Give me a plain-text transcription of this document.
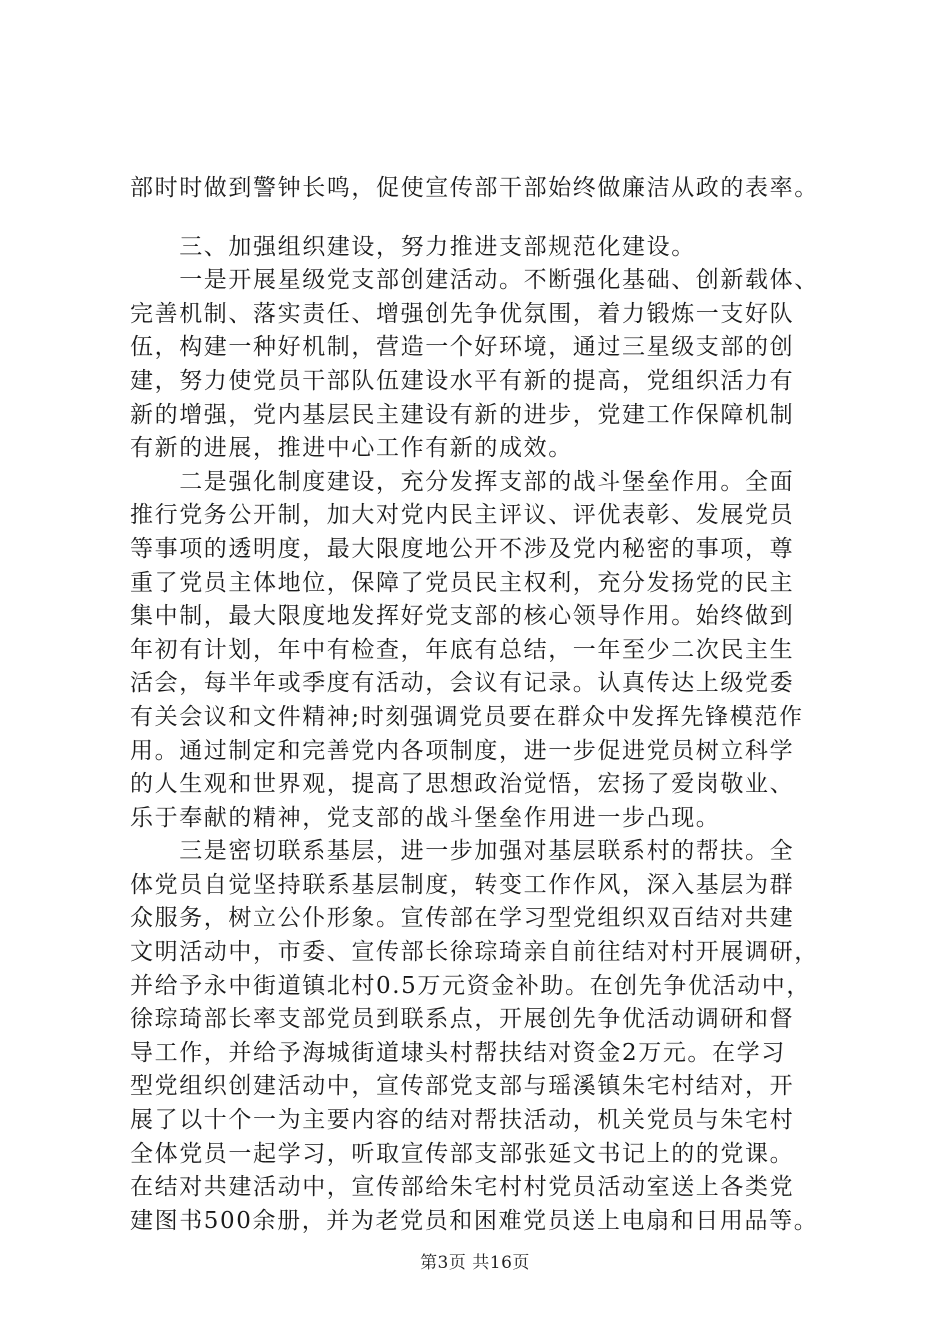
部时时做到警钟长鸣，促使宣传部干部始终做廉洁从政的表率。
　　三、加强组织建设，努力推进支部规范化建设。
　　一是开展星级党支部创建活动。不断强化基础、创新载体、
完善机制、落实责任、增强创先争优氛围，着力锻炼一支好队
伍，构建一种好机制，营造一个好环境，通过三星级支部的创
建，努力使党员干部队伍建设水平有新的提高，党组织活力有
新的增强，党内基层民主建设有新的进步，党建工作保障机制
有新的进展，推进中心工作有新的成效。
　　二是强化制度建设，充分发挥支部的战斗堡垒作用。全面
推行党务公开制，加大对党内民主评议、评优表彰、发展党员
等事项的透明度，最大限度地公开不涉及党内秘密的事项，尊
重了党员主体地位，保障了党员民主权利，充分发扬党的民主
集中制，最大限度地发挥好党支部的核心领导作用。始终做到
年初有计划，年中有检查，年底有总结，一年至少二次民主生
活会，每半年或季度有活动，会议有记录。认真传达上级党委
有关会议和文件精神;时刻强调党员要在群众中发挥先锋模范作
用。通过制定和完善党内各项制度，进一步促进党员树立科学
的人生观和世界观，提高了思想政治觉悟，宏扬了爱岗敬业、
乐于奉献的精神，党支部的战斗堡垒作用进一步凸现。
　　三是密切联系基层，进一步加强对基层联系村的帮扶。全
体党员自觉坚持联系基层制度，转变工作作风，深入基层为群
众服务，树立公仆形象。宣传部在学习型党组织双百结对共建
文明活动中，市委、宣传部长徐琮琦亲自前往结对村开展调研，
并给予永中街道镇北村0.5万元资金补助。在创先争优活动中，
徐琮琦部长率支部党员到联系点，开展创先争优活动调研和督
导工作，并给予海城街道埭头村帮扶结对资金2万元。在学习
型党组织创建活动中，宣传部党支部与瑶溪镇朱宅村结对，开
展了以十个一为主要内容的结对帮扶活动，机关党员与朱宅村
全体党员一起学习，听取宣传部支部张延文书记上的的党课。
在结对共建活动中，宣传部给朱宅村村党员活动室送上各类党
建图书500余册，并为老党员和困难党员送上电扇和日用品等。
第3页 共16页
